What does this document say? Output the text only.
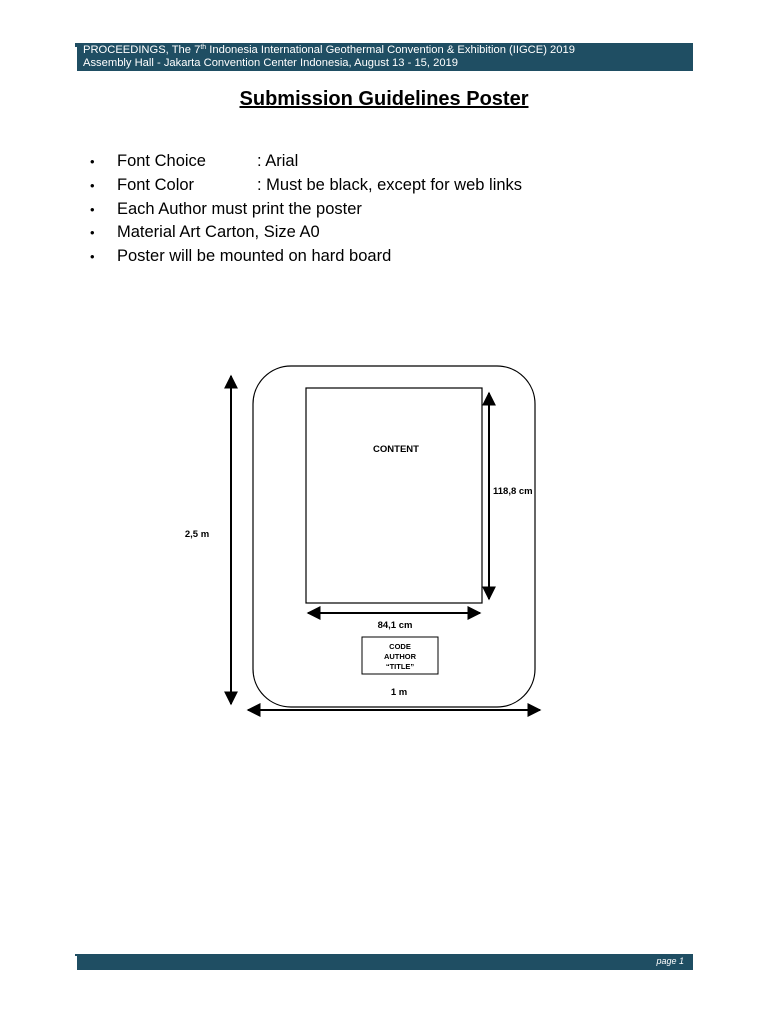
PROCEEDINGS, The 7th Indonesia International Geothermal Convention & Exhibition (IIGCE) 2019
Assembly Hall - Jakarta Convention Center Indonesia, August 13 - 15, 2019
Submission Guidelines Poster
• Font Choice	: Arial
• Font Color	: Must be black, except for web links
• Each Author must print the poster
• Material Art Carton, Size A0
• Poster will be mounted on hard board
CONTENT
118,8 cm
84,1 cm
CODE
AUTHOR
“TITLE”
2,5 m
1 m
page 1
